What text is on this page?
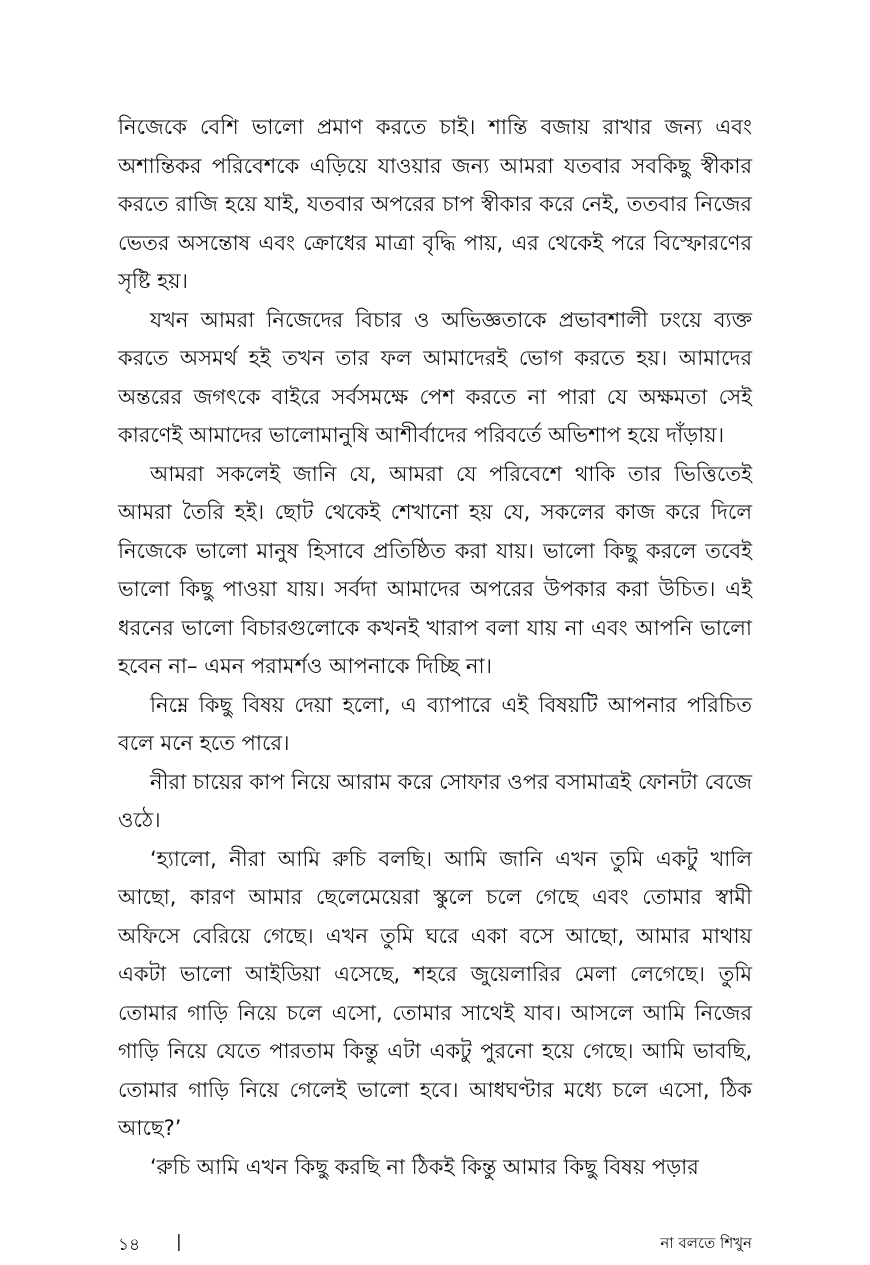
নিজেকে বেশি ভালো প্রমাণ করতে চাই। শান্তি বজায় রাখার জন্য এবং অশান্তিকর পরিবেশকে এড়িয়ে যাওয়ার জন্য আমরা যতবার সবকিছু স্বীকার করতে রাজি হয়ে যাই, যতবার অপরের চাপ স্বীকার করে নেই, ততবার নিজের ভেতর অসন্তোষ এবং ক্রোধের মাত্রা বৃদ্ধি পায়, এর থেকেই পরে বিস্ফোরণের সৃষ্টি হয়।

যখন আমরা নিজেদের বিচার ও অভিজ্ঞতাকে প্রভাবশালী ঢংয়ে ব্যক্ত করতে অসমর্থ হই তখন তার ফল আমাদেরই ভোগ করতে হয়। আমাদের অন্তরের জগৎকে বাইরে সর্বসমক্ষে পেশ করতে না পারা যে অক্ষমতা সেই কারণেই আমাদের ভালোমানুষি আশীর্বাদের পরিবর্তে অভিশাপ হয়ে দাঁড়ায়।

আমরা সকলেই জানি যে, আমরা যে পরিবেশে থাকি তার ভিত্তিতেই আমরা তৈরি হই। ছোট থেকেই শেখানো হয় যে, সকলের কাজ করে দিলে নিজেকে ভালো মানুষ হিসাবে প্রতিষ্ঠিত করা যায়। ভালো কিছু করলে তবেই ভালো কিছু পাওয়া যায়। সর্বদা আমাদের অপরের উপকার করা উচিত। এই ধরনের ভালো বিচারগুলোকে কখনই খারাপ বলা যায় না এবং আপনি ভালো হবেন না– এমন পরামর্শও আপনাকে দিচ্ছি না।

নিম্নে কিছু বিষয় দেয়া হলো, এ ব্যাপারে এই বিষয়টি আপনার পরিচিত বলে মনে হতে পারে।

নীরা চায়ের কাপ নিয়ে আরাম করে সোফার ওপর বসামাত্রই ফোনটা বেজে ওঠে।

‘হ্যালো, নীরা আমি রুচি বলছি। আমি জানি এখন তুমি একটু খালি আছো, কারণ আমার ছেলেমেয়েরা স্কুলে চলে গেছে এবং তোমার স্বামী অফিসে বেরিয়ে গেছে। এখন তুমি ঘরে একা বসে আছো, আমার মাথায় একটা ভালো আইডিয়া এসেছে, শহরে জুয়েলারির মেলা লেগেছে। তুমি তোমার গাড়ি নিয়ে চলে এসো, তোমার সাথেই যাব। আসলে আমি নিজের গাড়ি নিয়ে যেতে পারতাম কিন্তু এটা একটু পুরনো হয়ে গেছে। আমি ভাবছি, তোমার গাড়ি নিয়ে গেলেই ভালো হবে। আধঘণ্টার মধ্যে চলে এসো, ঠিক আছে?’

‘রুচি আমি এখন কিছু করছি না ঠিকই কিন্তু আমার কিছু বিষয় পড়ার

১৪ |	না বলতে শিখুন
